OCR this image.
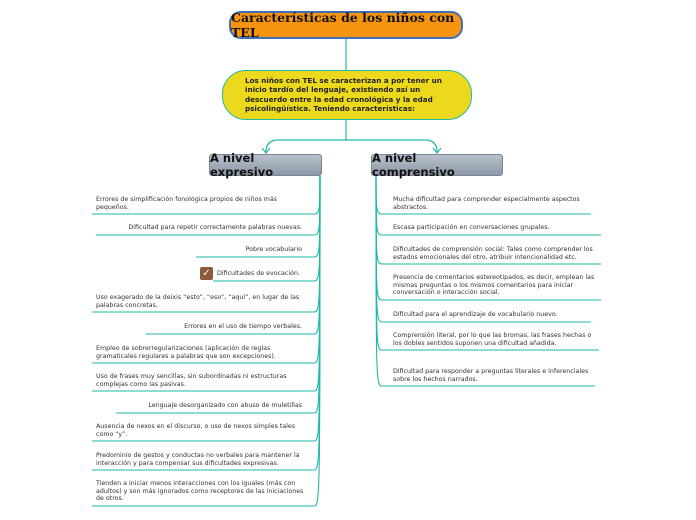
Características de los niños con TEL
Los niños con TEL se caracterizan a por tener un inicio tardío del lenguaje, existiendo así un descuerdo entre la edad cronológica y la edad psicolingüística. Teniendo características:
A nivel expresivo
A nivel comprensivo
Errores de simplificación fonológica propios de niños más pequeños.
Dificultad para repetir correctamente palabras nuevas.
Pobre vocabulario
✓	Dificultades de evocación.
Uso exagerado de la deixis “esto”, “eso”, “aquí”, en lugar de las palabras concretas.
Errores en el uso de tiempo verbales.
Empleo de sobrerregularizaciones (aplicación de reglas gramaticales regulares a palabras que son excepciones).
Uso de frases muy sencillas, sin subordinadas ni estructuras complejas como las pasivas.
Lenguaje desorganizado con abuso de muletillas
Ausencia de nexos en el discurso, o uso de nexos simples tales como “y”.
Predominio de gestos y conductas no verbales para mantener la interacción y para compensar sus dificultades expresivas.
Tienden a iniciar menos interacciones con los iguales (más con adultos) y son más ignorados como receptores de las iniciaciones de otros.
Mucha dificultad para comprender especialmente aspectos abstractos.
Escasa participación en conversaciones grupales.
Dificultades de comprensión social: Tales como comprender los estados emocionales del otro, atribuir intencionalidad etc.
Presencia de comentarios estereotipados, es decir, emplean las mismas preguntas o los mismos comentarios para iniciar conversación o interacción social.
Dificultad para el aprendizaje de vocabulario nuevo.
Comprensión literal, por lo que las bromas, las frases hechas o los dobles sentidos suponen una dificultad añadida.
Dificultad para responder a preguntas literales e inferenciales sobre los hechos narrados.
